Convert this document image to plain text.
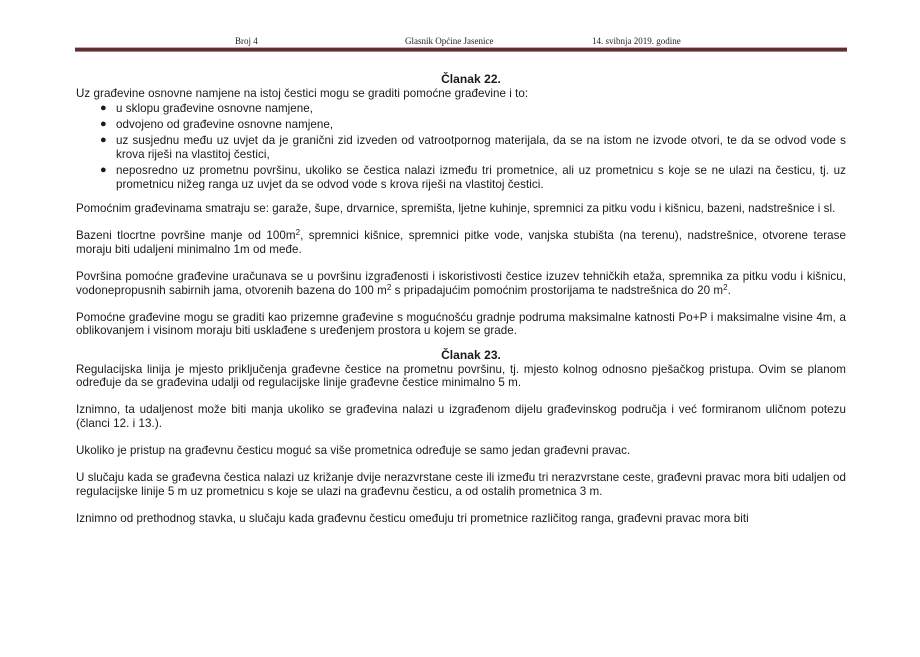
Broj 4	Glasnik Općine Jasenice	14. svibnja 2019. godine
Članak 22.

Uz građevine osnovne namjene na istoj čestici mogu se graditi pomoćne građevine i to:

● u sklopu građevine osnovne namjene,
● odvojeno od građevine osnovne namjene,
● uz susjednu među uz uvjet da je granični zid izveden od vatrootpornog materijala, da se na istom ne izvode otvori, te da se odvod vode s krova riješi na vlastitoj čestici,
● neposredno uz prometnu površinu, ukoliko se čestica nalazi između tri prometnice, ali uz prometnicu s koje se ne ulazi na česticu, tj. uz prometnicu nižeg ranga uz uvjet da se odvod vode s krova riješi na vlastitoj čestici.

Pomoćnim građevinama smatraju se: garaže, šupe, drvarnice, spremišta, ljetne kuhinje, spremnici za pitku vodu i kišnicu, bazeni, nadstrešnice i sl.

Bazeni tlocrtne površine manje od $100m^2$, spremnici kišnice, spremnici pitke vode, vanjska stubišta (na terenu), nadstrešnice, otvorene terase moraju biti udaljeni minimalno 1m od međe.

Površina pomoćne građevine uračunava se u površinu izgrađenosti i iskoristivosti čestice izuzev tehničkih etaža, spremnika za pitku vodu i kišnicu, vodonepropusnih sabirnih jama, otvorenih bazena do 100 $m^2$ s pripadajućim pomoćnim prostorijama te nadstrešnica do 20 $m^2$.

Pomoćne građevine mogu se graditi kao prizemne građevine s mogućnošću gradnje podruma maksimalne katnosti Po+P i maksimalne visine 4m, a oblikovanjem i visinom moraju biti usklađene s uređenjem prostora u kojem se grade.

Članak 23.

Regulacijska linija je mjesto priključenja građevne čestice na prometnu površinu, tj. mjesto kolnog odnosno pješačkog pristupa. Ovim se planom određuje da se građevina udalji od regulacijske linije građevne čestice minimalno 5 m.

Iznimno, ta udaljenost može biti manja ukoliko se građevina nalazi u izgrađenom dijelu građevinskog područja i već formiranom uličnom potezu (članci 12. i 13.).

Ukoliko je pristup na građevnu česticu moguć sa više prometnica određuje se samo jedan građevni pravac.

U slučaju kada se građevna čestica nalazi uz križanje dvije nerazvrstane ceste ili između tri nerazvrstane ceste, građevni pravac mora biti udaljen od regulacijske linije 5 m uz prometnicu s koje se ulazi na građevnu česticu, a od ostalih prometnica 3 m.

Iznimno od prethodnog stavka, u slučaju kada građevnu česticu omeđuju tri prometnice različitog ranga, građevni pravac mora biti
